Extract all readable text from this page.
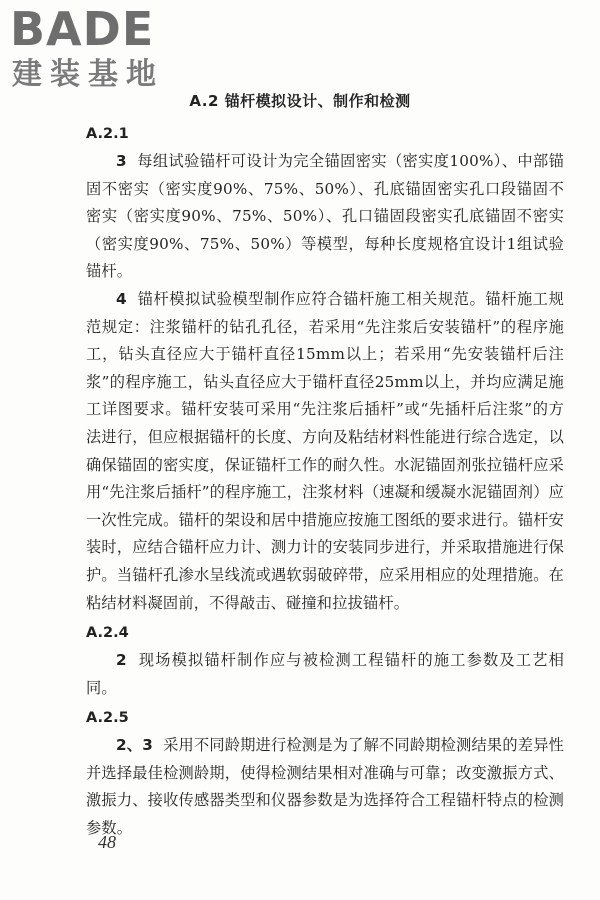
BADE
建装基地
A.2 锚杆模拟设计、制作和检测
A.2.1

3 每组试验锚杆可设计为完全锚固密实（密实度100%）、中部锚固不密实（密实度90%、75%、50%）、孔底锚固密实孔口段锚固不密实（密实度90%、75%、50%）、孔口锚固段密实孔底锚固不密实（密实度90%、75%、50%）等模型，每种长度规格宜设计1组试验锚杆。

4 锚杆模拟试验模型制作应符合锚杆施工相关规范。锚杆施工规范规定：注浆锚杆的钻孔孔径，若采用“先注浆后安装锚杆”的程序施工，钻头直径应大于锚杆直径15mm以上；若采用“先安装锚杆后注浆”的程序施工，钻头直径应大于锚杆直径25mm以上，并均应满足施工详图要求。锚杆安装可采用“先注浆后插杆”或“先插杆后注浆”的方法进行，但应根据锚杆的长度、方向及粘结材料性能进行综合选定，以确保锚固的密实度，保证锚杆工作的耐久性。水泥锚固剂张拉锚杆应采用“先注浆后插杆”的程序施工，注浆材料（速凝和缓凝水泥锚固剂）应一次性完成。锚杆的架设和居中措施应按施工图纸的要求进行。锚杆安装时，应结合锚杆应力计、测力计的安装同步进行，并采取措施进行保护。当锚杆孔渗水呈线流或遇软弱破碎带，应采用相应的处理措施。在粘结材料凝固前，不得敲击、碰撞和拉拔锚杆。

A.2.4

2 现场模拟锚杆制作应与被检测工程锚杆的施工参数及工艺相同。

A.2.5

2、3 采用不同龄期进行检测是为了解不同龄期检测结果的差异性并选择最佳检测龄期，使得检测结果相对准确与可靠；改变激振方式、激振力、接收传感器类型和仪器参数是为选择符合工程锚杆特点的检测参数。

48
